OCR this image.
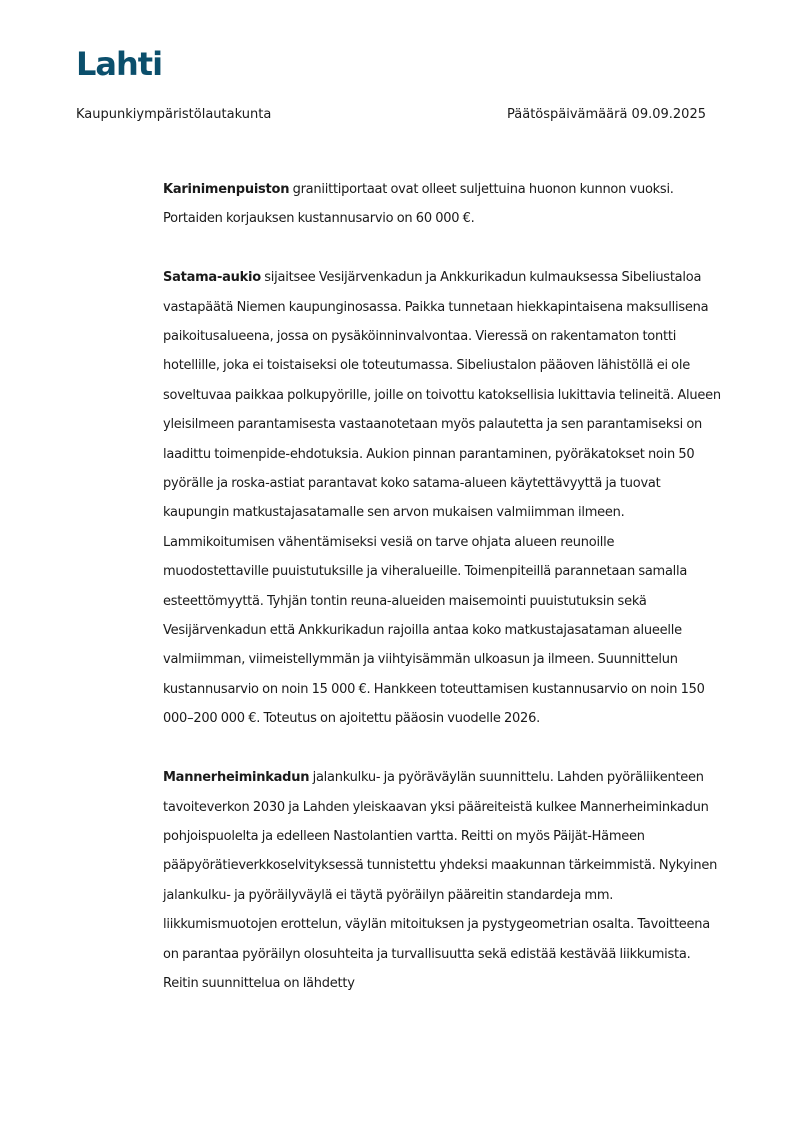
Lahti
Kaupunkiympäristölautakunta	Päätöspäivämäärä 09.09.2025

Karinimenpuiston graniittiportaat ovat olleet suljettuina huonon kunnon vuoksi. Portaiden korjauksen kustannusarvio on 60 000 €.

Satama-aukio sijaitsee Vesijärvenkadun ja Ankkurikadun kulmauksessa Sibeliustaloa vastapäätä Niemen kaupunginosassa. Paikka tunnetaan hiekkapintaisena maksullisena paikoitusalueena, jossa on pysäköinninvalvontaa. Vieressä on rakentamaton tontti hotellille, joka ei toistaiseksi ole toteutumassa. Sibeliustalon pääoven lähistöllä ei ole soveltuvaa paikkaa polkupyörille, joille on toivottu katoksellisia lukittavia telineitä. Alueen yleisilmeen parantamisesta vastaanotetaan myös palautetta ja sen parantamiseksi on laadittu toimenpide-ehdotuksia. Aukion pinnan parantaminen, pyöräkatokset noin 50 pyörälle ja roska-astiat parantavat koko satama-alueen käytettävyyttä ja tuovat kaupungin matkustajasatamalle sen arvon mukaisen valmiimman ilmeen. Lammikoitumisen vähentämiseksi vesiä on tarve ohjata alueen reunoille muodostettaville puuistutuksille ja viheralueille. Toimenpiteillä parannetaan samalla esteettömyyttä. Tyhjän tontin reuna-alueiden maisemointi puuistutuksin sekä Vesijärvenkadun että Ankkurikadun rajoilla antaa koko matkustajasataman alueelle valmiimman, viimeistellymmän ja viihtyisämmän ulkoasun ja ilmeen. Suunnittelun kustannusarvio on noin 15 000 €. Hankkeen toteuttamisen kustannusarvio on noin 150 000–200 000 €. Toteutus on ajoitettu pääosin vuodelle 2026.

Mannerheiminkadun jalankulku- ja pyöräväylän suunnittelu. Lahden pyöräliikenteen tavoiteverkon 2030 ja Lahden yleiskaavan yksi pääreiteistä kulkee Mannerheiminkadun pohjoispuolelta ja edelleen Nastolantien vartta. Reitti on myös Päijät-Hämeen pääpyörätieverkkoselvityksessä tunnistettu yhdeksi maakunnan tärkeimmistä. Nykyinen jalankulku- ja pyöräilyväylä ei täytä pyöräilyn pääreitin standardeja mm. liikkumismuotojen erottelun, väylän mitoituksen ja pystygeometrian osalta. Tavoitteena on parantaa pyöräilyn olosuhteita ja turvallisuutta sekä edistää kestävää liikkumista. Reitin suunnittelua on lähdetty
